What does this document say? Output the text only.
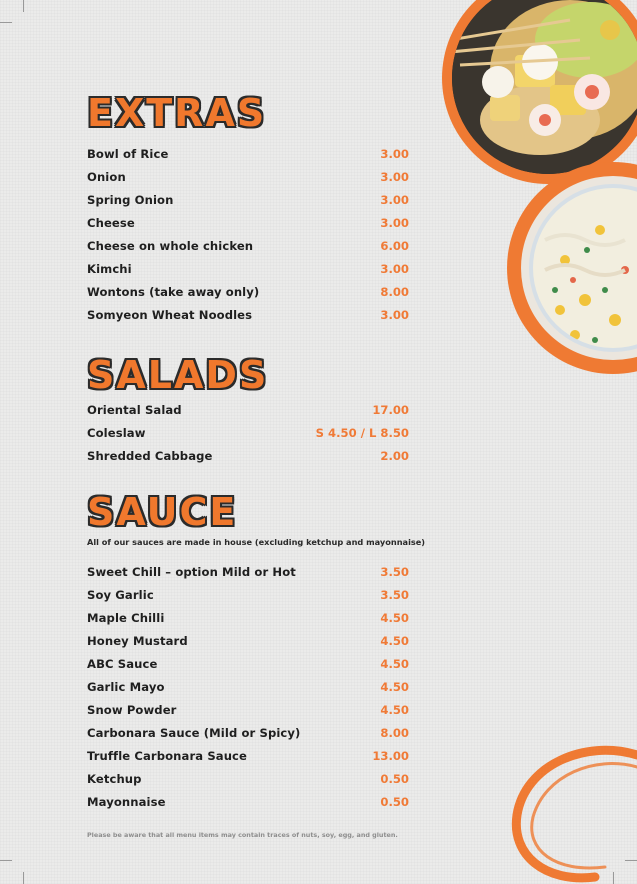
EXTRAS
Bowl of Rice	3.00
Onion	3.00
Spring Onion	3.00
Cheese	3.00
Cheese on whole chicken	6.00
Kimchi	3.00
Wontons (take away only)	8.00
Somyeon Wheat Noodles	3.00
SALADS
Oriental Salad	17.00
Coleslaw	S 4.50 / L 8.50
Shredded Cabbage	2.00
SAUCE
All of our sauces are made in house (excluding ketchup and mayonnaise)
Sweet Chill – option Mild or Hot	3.50
Soy Garlic	3.50
Maple Chilli	4.50
Honey Mustard	4.50
ABC Sauce	4.50
Garlic Mayo	4.50
Snow Powder	4.50
Carbonara Sauce (Mild or Spicy)	8.00
Truffle Carbonara Sauce	13.00
Ketchup	0.50
Mayonnaise	0.50
Please be aware that all menu items may contain traces of nuts, soy, egg, and gluten.
